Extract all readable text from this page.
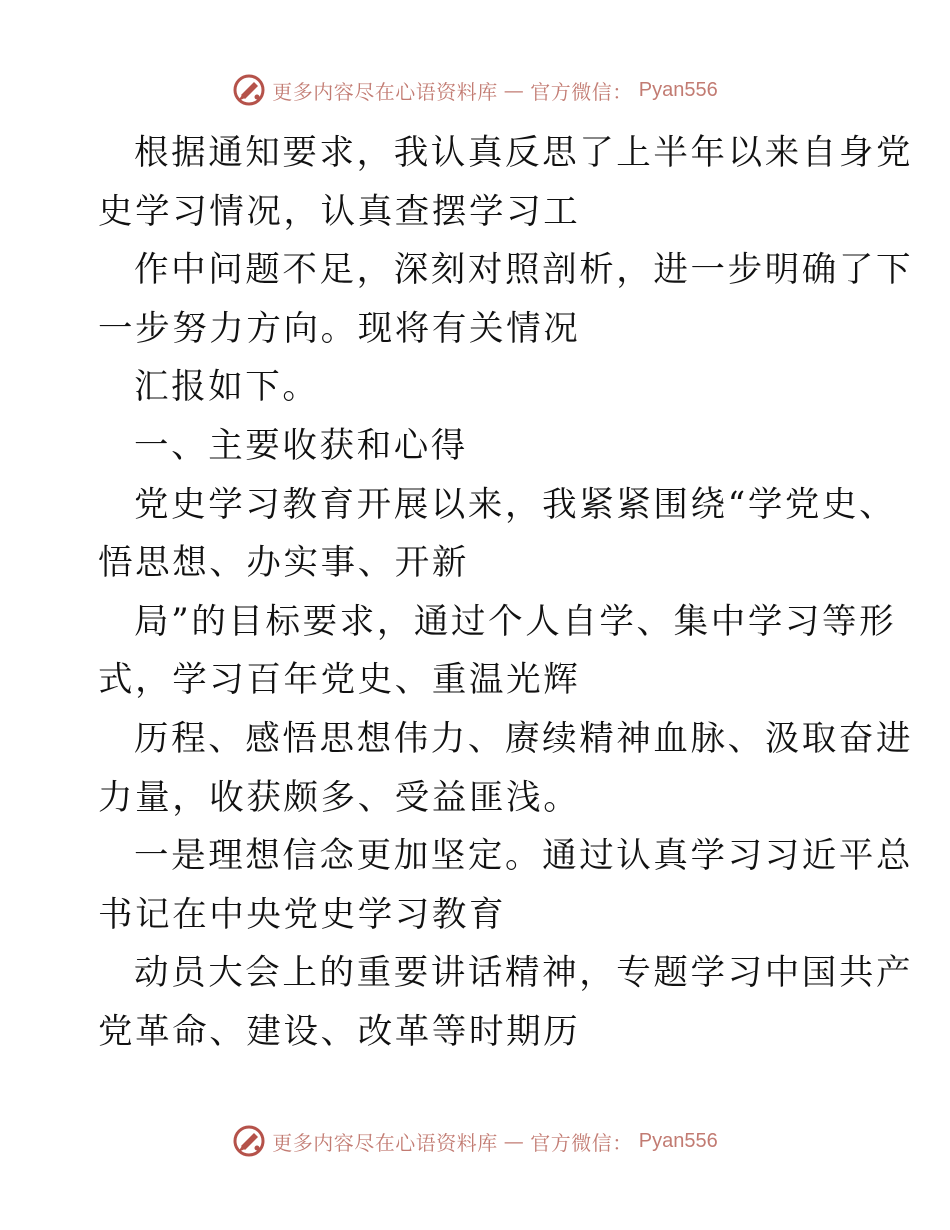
更多内容尽在心语资料库 — 官方微信： Pyan556
根据通知要求，我认真反思了上半年以来自身党
史学习情况，认真查摆学习工
作中问题不足，深刻对照剖析，进一步明确了下
一步努力方向。现将有关情况
汇报如下。
一、主要收获和心得
党史学习教育开展以来，我紧紧围绕“学党史、
悟思想、办实事、开新
局”的目标要求，通过个人自学、集中学习等形
式，学习百年党史、重温光辉
历程、感悟思想伟力、赓续精神血脉、汲取奋进
力量，收获颇多、受益匪浅。
一是理想信念更加坚定。通过认真学习习近平总
书记在中央党史学习教育
动员大会上的重要讲话精神，专题学习中国共产
党革命、建设、改革等时期历
更多内容尽在心语资料库 — 官方微信： Pyan556
